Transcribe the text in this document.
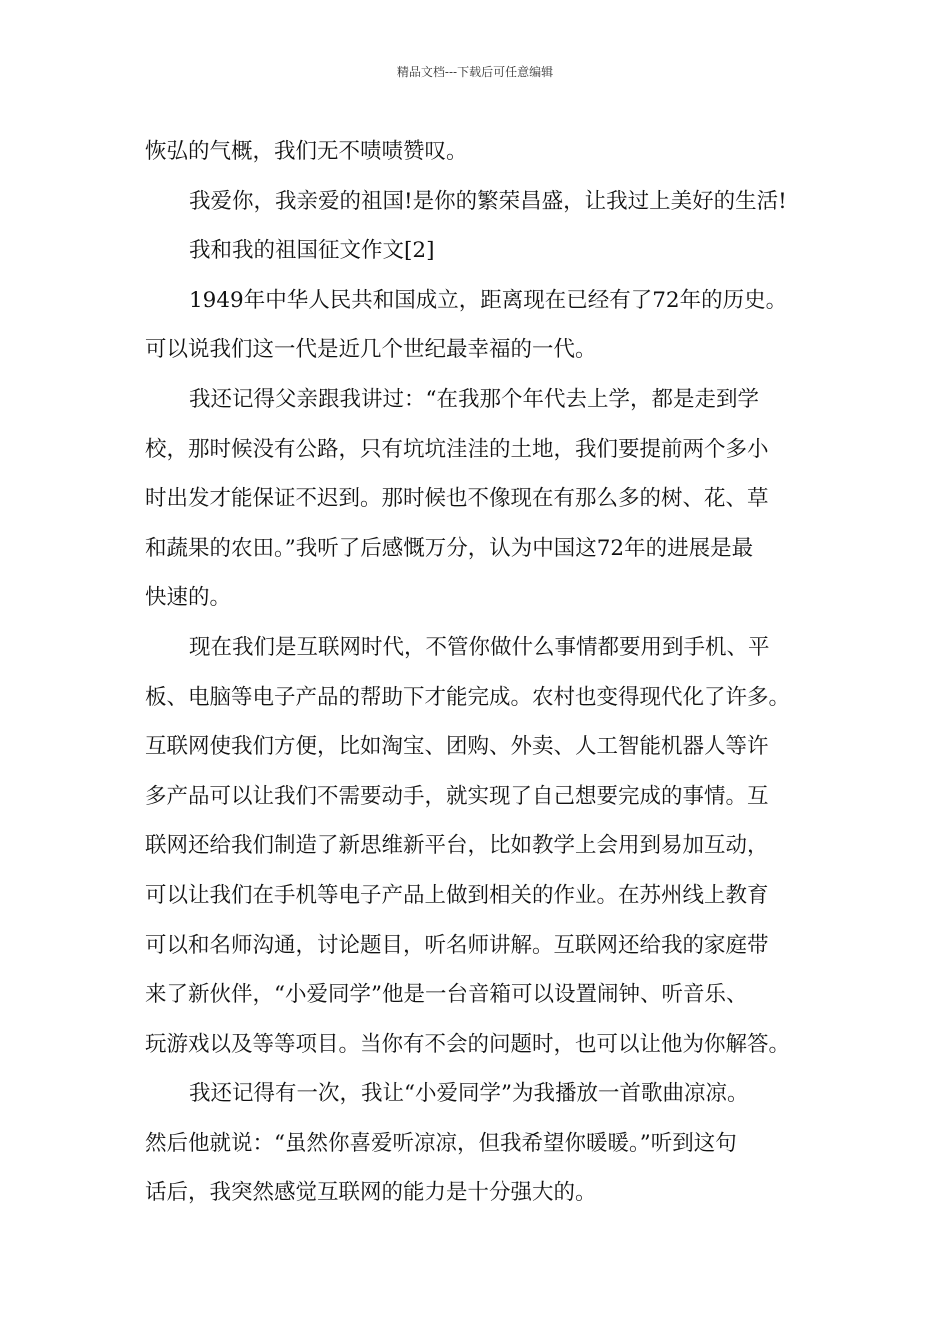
精品文档---下载后可任意编辑
恢弘的气概，我们无不啧啧赞叹。
我爱你，我亲爱的祖国!是你的繁荣昌盛，让我过上美好的生活!
我和我的祖国征文作文[2]
1949年中华人民共和国成立，距离现在已经有了72年的历史。
可以说我们这一代是近几个世纪最幸福的一代。
我还记得父亲跟我讲过：“在我那个年代去上学，都是走到学
校，那时候没有公路，只有坑坑洼洼的土地，我们要提前两个多小
时出发才能保证不迟到。那时候也不像现在有那么多的树、花、草
和蔬果的农田。”我听了后感慨万分，认为中国这72年的进展是最
快速的。
现在我们是互联网时代，不管你做什么事情都要用到手机、平
板、电脑等电子产品的帮助下才能完成。农村也变得现代化了许多。
互联网使我们方便，比如淘宝、团购、外卖、人工智能机器人等许
多产品可以让我们不需要动手，就实现了自己想要完成的事情。互
联网还给我们制造了新思维新平台，比如教学上会用到易加互动，
可以让我们在手机等电子产品上做到相关的作业。在苏州线上教育
可以和名师沟通，讨论题目，听名师讲解。互联网还给我的家庭带
来了新伙伴，“小爱同学”他是一台音箱可以设置闹钟、听音乐、
玩游戏以及等等项目。当你有不会的问题时，也可以让他为你解答。
我还记得有一次，我让“小爱同学”为我播放一首歌曲凉凉。
然后他就说：“虽然你喜爱听凉凉，但我希望你暖暖。”听到这句
话后，我突然感觉互联网的能力是十分强大的。
